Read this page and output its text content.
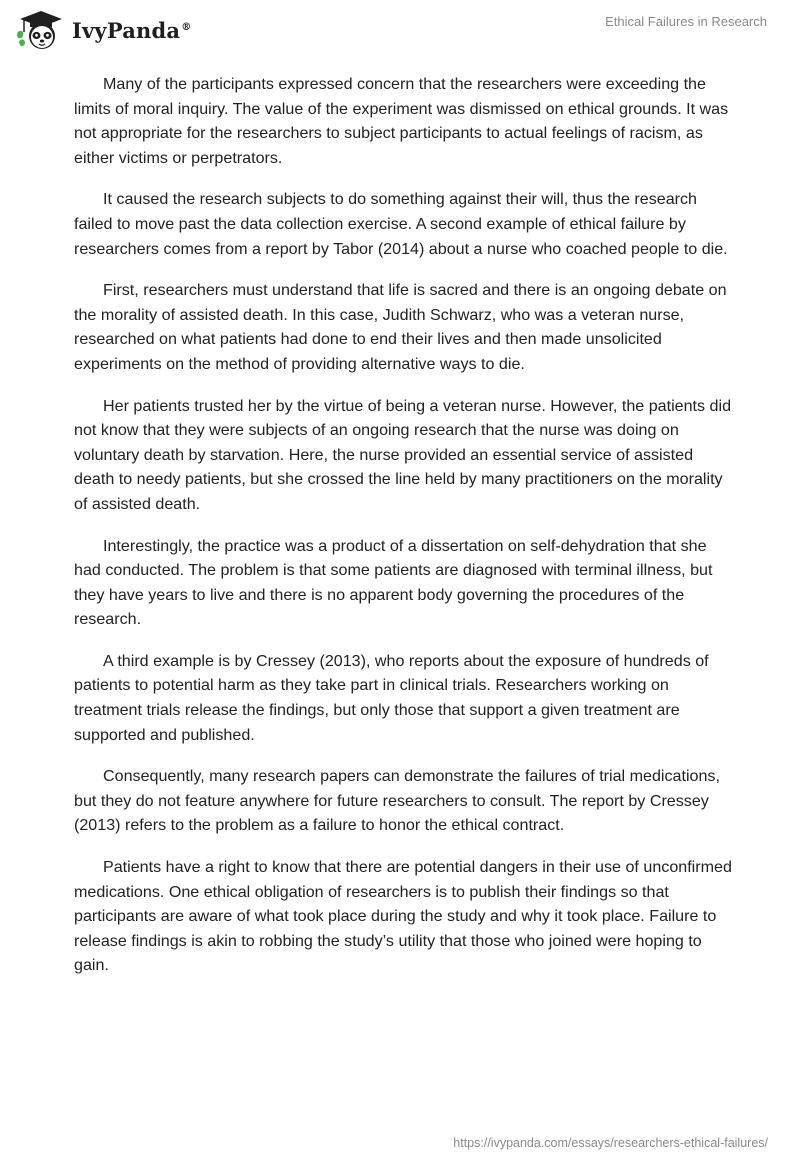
IvyPanda®	Ethical Failures in Research

Many of the participants expressed concern that the researchers were exceeding the limits of moral inquiry. The value of the experiment was dismissed on ethical grounds. It was not appropriate for the researchers to subject participants to actual feelings of racism, as either victims or perpetrators.

It caused the research subjects to do something against their will, thus the research failed to move past the data collection exercise. A second example of ethical failure by researchers comes from a report by Tabor (2014) about a nurse who coached people to die.

First, researchers must understand that life is sacred and there is an ongoing debate on the morality of assisted death. In this case, Judith Schwarz, who was a veteran nurse, researched on what patients had done to end their lives and then made unsolicited experiments on the method of providing alternative ways to die.

Her patients trusted her by the virtue of being a veteran nurse. However, the patients did not know that they were subjects of an ongoing research that the nurse was doing on voluntary death by starvation. Here, the nurse provided an essential service of assisted death to needy patients, but she crossed the line held by many practitioners on the morality of assisted death.

Interestingly, the practice was a product of a dissertation on self-dehydration that she had conducted. The problem is that some patients are diagnosed with terminal illness, but they have years to live and there is no apparent body governing the procedures of the research.

A third example is by Cressey (2013), who reports about the exposure of hundreds of patients to potential harm as they take part in clinical trials. Researchers working on treatment trials release the findings, but only those that support a given treatment are supported and published.

Consequently, many research papers can demonstrate the failures of trial medications, but they do not feature anywhere for future researchers to consult. The report by Cressey (2013) refers to the problem as a failure to honor the ethical contract.

Patients have a right to know that there are potential dangers in their use of unconfirmed medications. One ethical obligation of researchers is to publish their findings so that participants are aware of what took place during the study and why it took place. Failure to release findings is akin to robbing the study’s utility that those who joined were hoping to gain.

https://ivypanda.com/essays/researchers-ethical-failures/
